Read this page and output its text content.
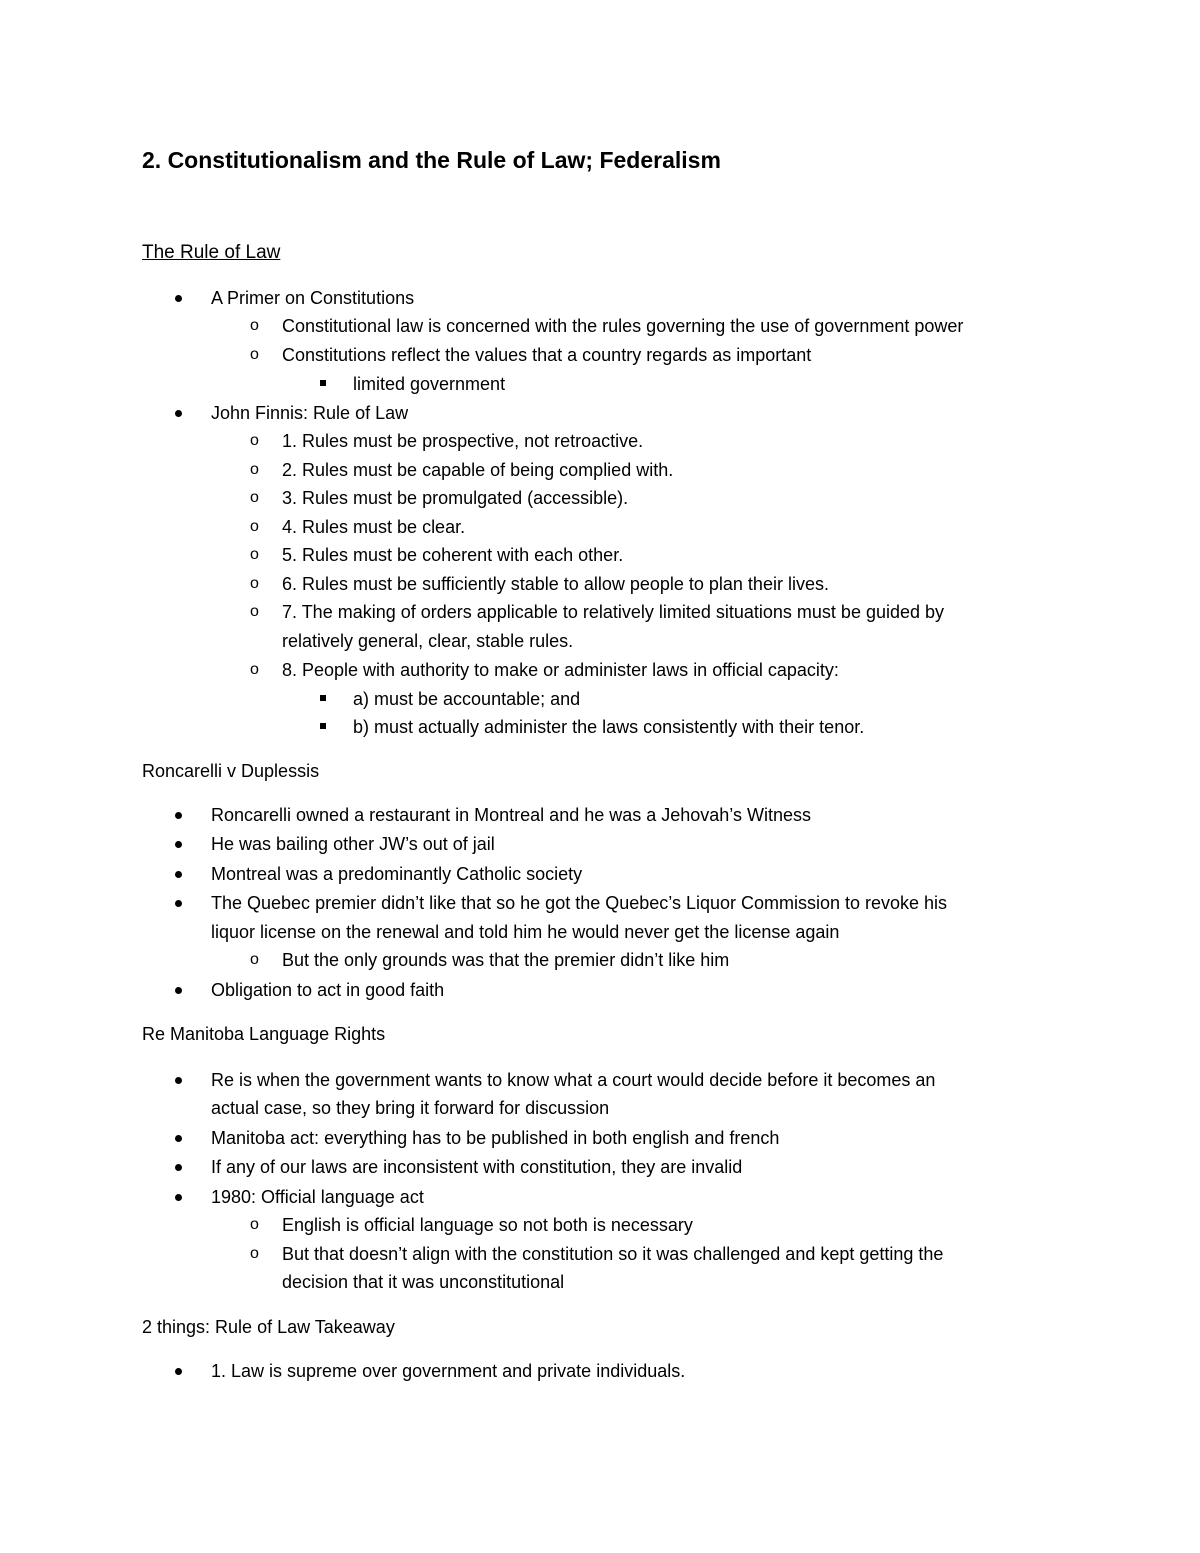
2. Constitutionalism and the Rule of Law; Federalism
The Rule of Law
A Primer on Constitutions
o Constitutional law is concerned with the rules governing the use of government power
o Constitutions reflect the values that a country regards as important
limited government
John Finnis: Rule of Law
o 1. Rules must be prospective, not retroactive.
o 2. Rules must be capable of being complied with.
o 3. Rules must be promulgated (accessible).
o 4. Rules must be clear.
o 5. Rules must be coherent with each other.
o 6. Rules must be sufficiently stable to allow people to plan their lives.
o 7. The making of orders applicable to relatively limited situations must be guided by
relatively general, clear, stable rules.
o 8. People with authority to make or administer laws in official capacity:
a) must be accountable; and
b) must actually administer the laws consistently with their tenor.
Roncarelli v Duplessis
Roncarelli owned a restaurant in Montreal and he was a Jehovah’s Witness
He was bailing other JW’s out of jail
Montreal was a predominantly Catholic society
The Quebec premier didn’t like that so he got the Quebec’s Liquor Commission to revoke his
liquor license on the renewal and told him he would never get the license again
o But the only grounds was that the premier didn’t like him
Obligation to act in good faith
Re Manitoba Language Rights
Re is when the government wants to know what a court would decide before it becomes an
actual case, so they bring it forward for discussion
Manitoba act: everything has to be published in both english and french
If any of our laws are inconsistent with constitution, they are invalid
1980: Official language act
o English is official language so not both is necessary
o But that doesn’t align with the constitution so it was challenged and kept getting the
decision that it was unconstitutional
2 things: Rule of Law Takeaway
1. Law is supreme over government and private individuals.
